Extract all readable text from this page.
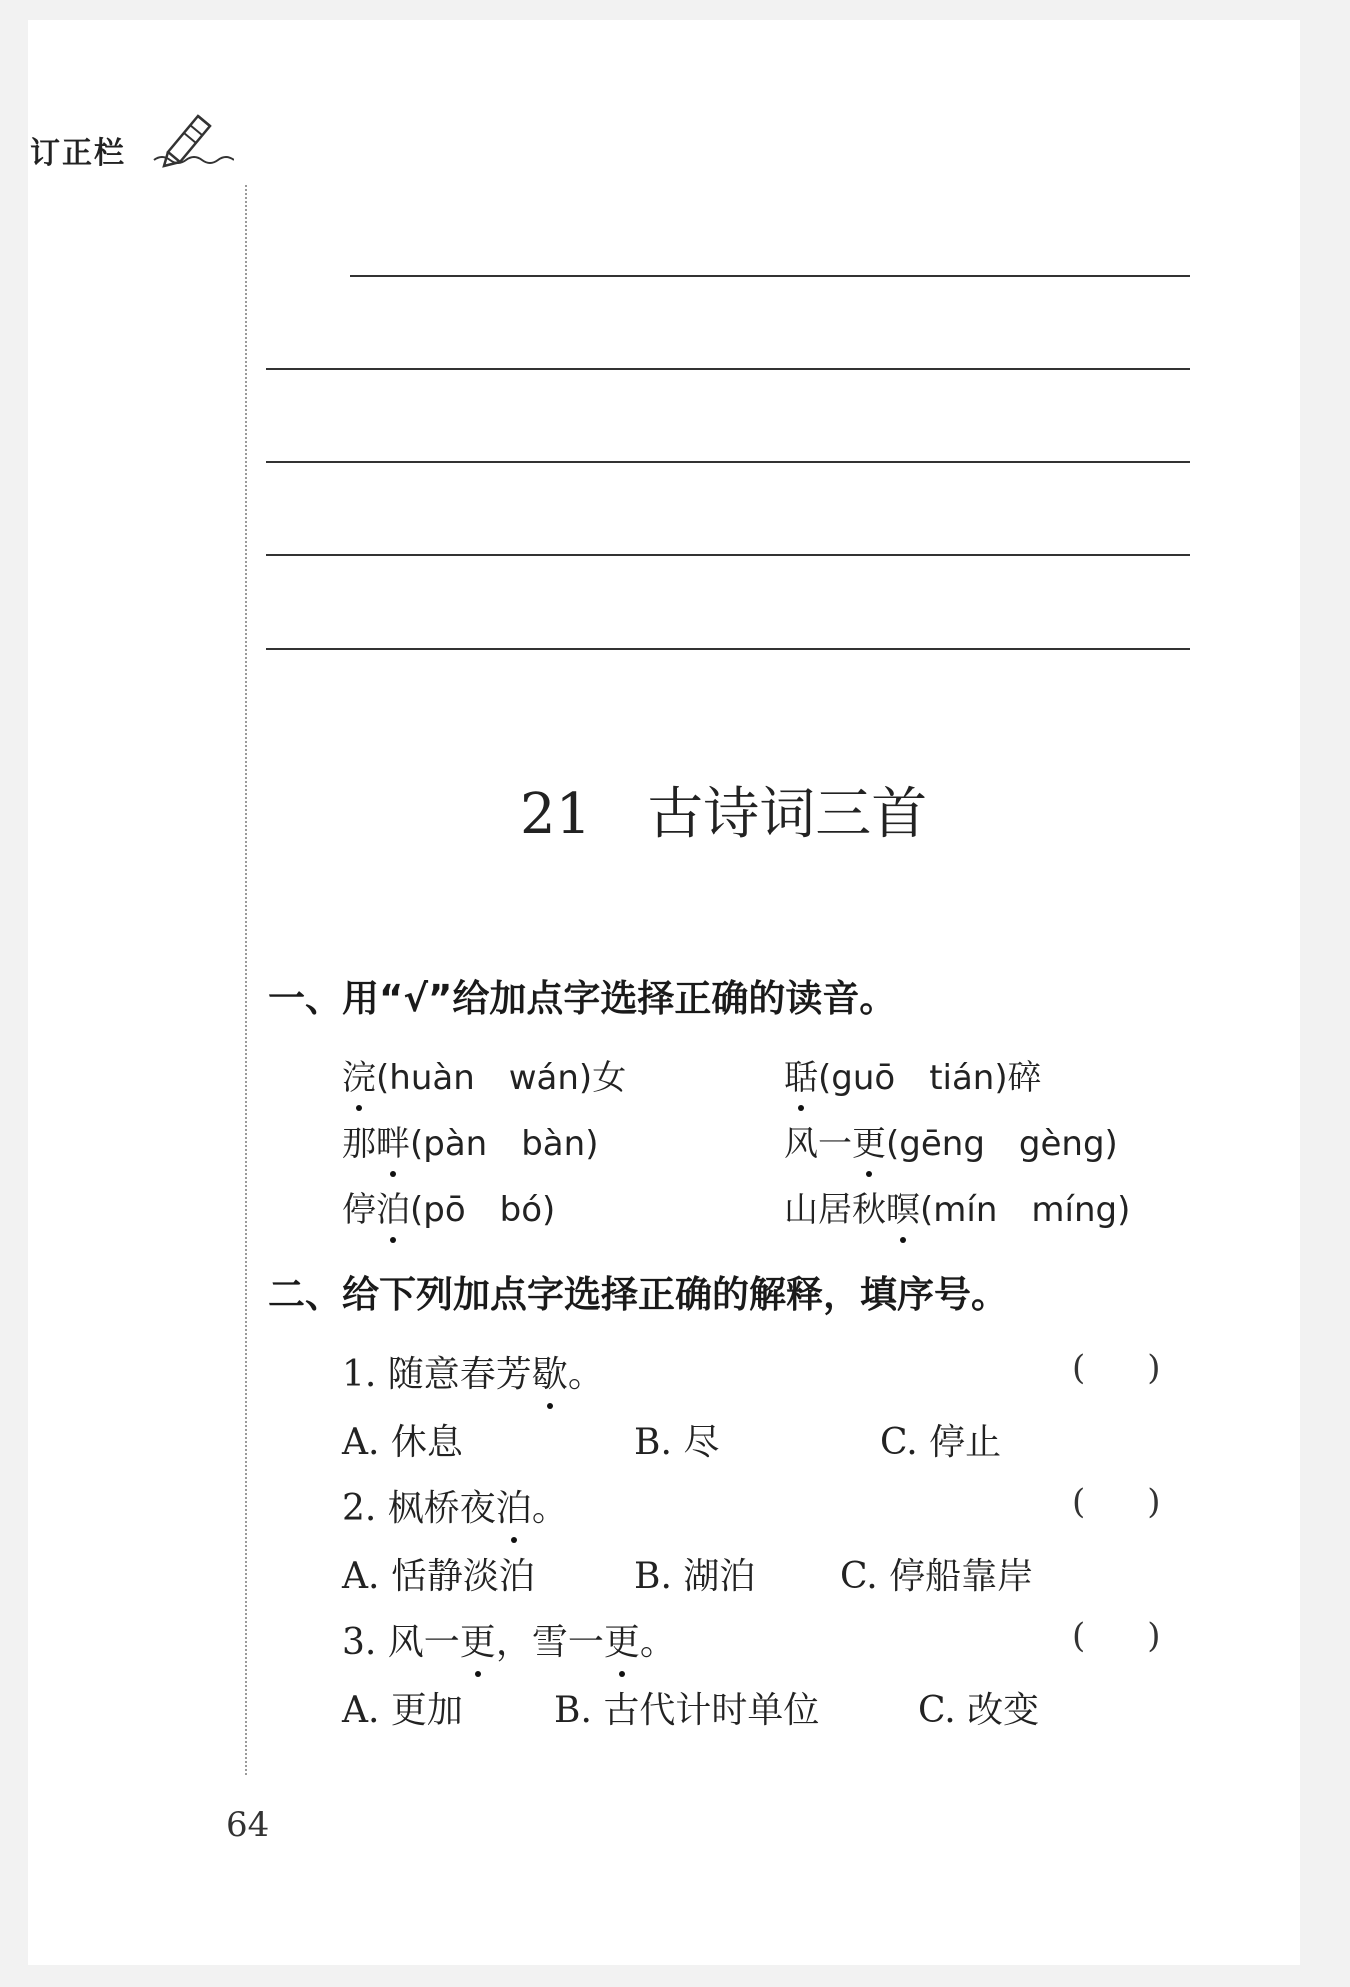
订正栏
21 古诗词三首
一、用“√”给加点字选择正确的读音。
浣(huàn　wán)女	聒(guō　tián)碎
那畔(pàn　bàn)	风一更(gēng　gèng)
停泊(pō　bó)	山居秋暝(mín　míng)
二、给下列加点字选择正确的解释，填序号。
1. 随意春芳歇。	( )
A. 休息	B. 尽	C. 停止
2. 枫桥夜泊。	( )
A. 恬静淡泊	B. 湖泊 C. 停船靠岸
3. 风一更，雪一更。	( )
A. 更加	B. 古代计时单位	C. 改变
64
